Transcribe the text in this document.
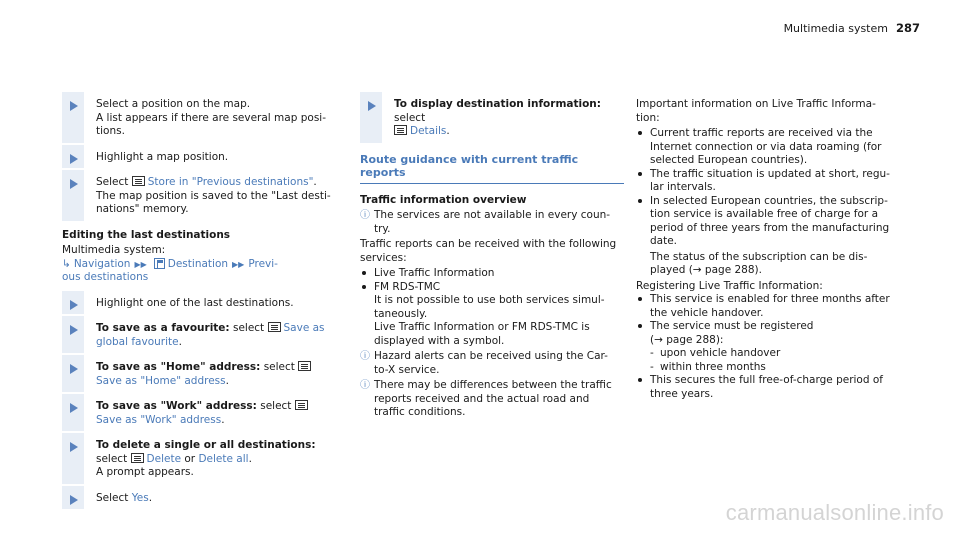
Multimedia system 287
Select a position on the map.
A list appears if there are several map posi-
tions.
Highlight a map position.
Select Store in "Previous destinations".
The map position is saved to the "Last desti-
nations" memory.
Editing the last destinations
Multimedia system:
↳ Navigation ▶▶ Destination ▶▶ Previ-
ous destinations
Highlight one of the last destinations.
To save as a favourite: select Save as
global favourite.
To save as "Home" address: select
Save as "Home" address.
To save as "Work" address: select
Save as "Work" address.
To delete a single or all destinations:
select Delete or Delete all.
A prompt appears.
Select Yes.
To display destination information: select
Details.
Route guidance with current traffic reports
Traffic information overview
ⓘ The services are not available in every coun-
try.
Traffic reports can be received with the following
services:
Live Traffic Information
FM RDS-TMC
It is not possible to use both services simul-
taneously.
Live Traffic Information or FM RDS-TMC is
displayed with a symbol.
ⓘ Hazard alerts can be received using the Car-
to-X service.
ⓘ There may be differences between the traffic
reports received and the actual road and
traffic conditions.
Important information on Live Traffic Informa-
tion:
Current traffic reports are received via the
Internet connection or via data roaming (for
selected European countries).
The traffic situation is updated at short, regu-
lar intervals.
In selected European countries, the subscrip-
tion service is available free of charge for a
period of three years from the manufacturing
date.
The status of the subscription can be dis-
played (→ page 288).
Registering Live Traffic Information:
This service is enabled for three months after
the vehicle handover.
The service must be registered
(→ page 288):
- upon vehicle handover
- within three months
This secures the full free-of-charge period of
three years.
carmanualsonline.info
